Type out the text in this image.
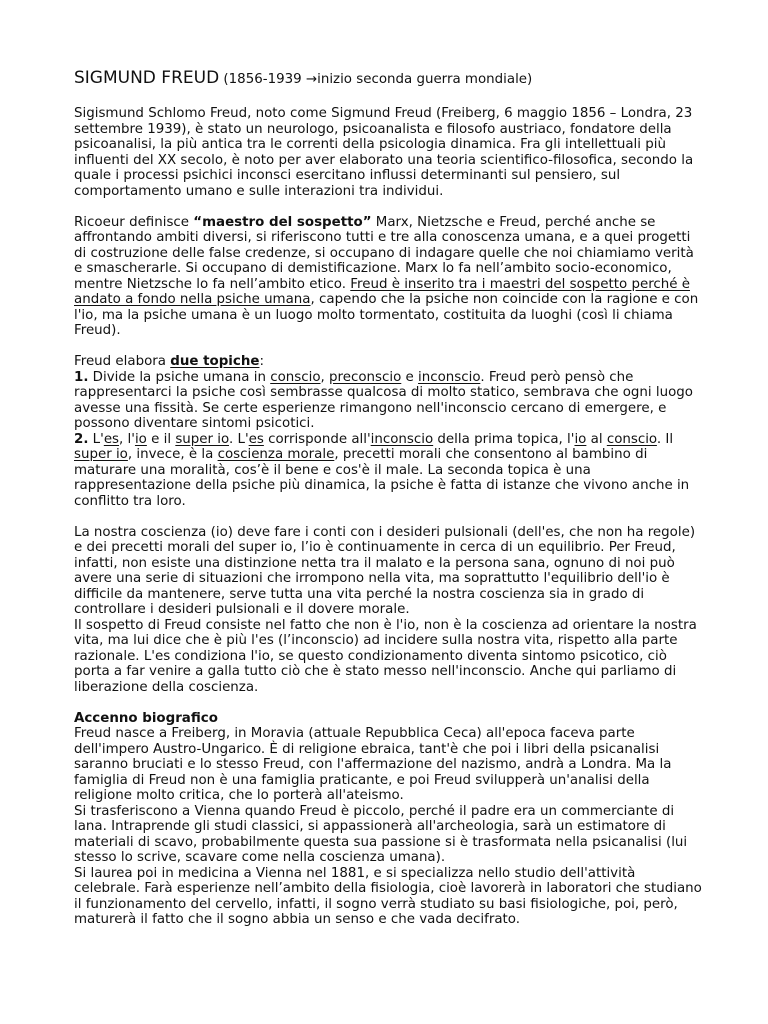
SIGMUND FREUD (1856-1939 →inizio seconda guerra mondiale)

Sigismund Schlomo Freud, noto come Sigmund Freud (Freiberg, 6 maggio 1856 – Londra, 23 settembre 1939), è stato un neurologo, psicoanalista e filosofo austriaco, fondatore della psicoanalisi, la più antica tra le correnti della psicologia dinamica. Fra gli intellettuali più influenti del XX secolo, è noto per aver elaborato una teoria scientifico-filosofica, secondo la quale i processi psichici inconsci esercitano influssi determinanti sul pensiero, sul comportamento umano e sulle interazioni tra individui.

Ricoeur definisce “maestro del sospetto” Marx, Nietzsche e Freud, perché anche se affrontando ambiti diversi, si riferiscono tutti e tre alla conoscenza umana, e a quei progetti di costruzione delle false credenze, si occupano di indagare quelle che noi chiamiamo verità e smascherarle. Si occupano di demistificazione. Marx lo fa nell’ambito socio-economico, mentre Nietzsche lo fa nell’ambito etico. Freud è inserito tra i maestri del sospetto perché è andato a fondo nella psiche umana, capendo che la psiche non coincide con la ragione e con l'io, ma la psiche umana è un luogo molto tormentato, costituita da luoghi (così li chiama Freud).

Freud elabora due topiche:

1. Divide la psiche umana in conscio, preconscio e inconscio. Freud però pensò che rappresentarci la psiche così sembrasse qualcosa di molto statico, sembrava che ogni luogo avesse una fissità. Se certe esperienze rimangono nell'inconscio cercano di emergere, e possono diventare sintomi psicotici.

2. L'es, l'io e il super io. L'es corrisponde all'inconscio della prima topica, l'io al conscio. Il super io, invece, è la coscienza morale, precetti morali che consentono al bambino di maturare una moralità, cos’è il bene e cos'è il male. La seconda topica è una rappresentazione della psiche più dinamica, la psiche è fatta di istanze che vivono anche in conflitto tra loro.

La nostra coscienza (io) deve fare i conti con i desideri pulsionali (dell'es, che non ha regole) e dei precetti morali del super io, l’io è continuamente in cerca di un equilibrio. Per Freud, infatti, non esiste una distinzione netta tra il malato e la persona sana, ognuno di noi può avere una serie di situazioni che irrompono nella vita, ma soprattutto l'equilibrio dell'io è difficile da mantenere, serve tutta una vita perché la nostra coscienza sia in grado di controllare i desideri pulsionali e il dovere morale.

Il sospetto di Freud consiste nel fatto che non è l'io, non è la coscienza ad orientare la nostra vita, ma lui dice che è più l'es (l’inconscio) ad incidere sulla nostra vita, rispetto alla parte razionale. L'es condiziona l'io, se questo condizionamento diventa sintomo psicotico, ciò porta a far venire a galla tutto ciò che è stato messo nell'inconscio. Anche qui parliamo di liberazione della coscienza.

Accenno biografico

Freud nasce a Freiberg, in Moravia (attuale Repubblica Ceca) all'epoca faceva parte dell'impero Austro-Ungarico. È di religione ebraica, tant'è che poi i libri della psicanalisi saranno bruciati e lo stesso Freud, con l'affermazione del nazismo, andrà a Londra. Ma la famiglia di Freud non è una famiglia praticante, e poi Freud svilupperà un'analisi della religione molto critica, che lo porterà all'ateismo.

Si trasferiscono a Vienna quando Freud è piccolo, perché il padre era un commerciante di lana. Intraprende gli studi classici, si appassionerà all'archeologia, sarà un estimatore di materiali di scavo, probabilmente questa sua passione si è trasformata nella psicanalisi (lui stesso lo scrive, scavare come nella coscienza umana).

Si laurea poi in medicina a Vienna nel 1881, e si specializza nello studio dell'attività celebrale. Farà esperienze nell’ambito della fisiologia, cioè lavorerà in laboratori che studiano il funzionamento del cervello, infatti, il sogno verrà studiato su basi fisiologiche, poi, però, maturerà il fatto che il sogno abbia un senso e che vada decifrato.
